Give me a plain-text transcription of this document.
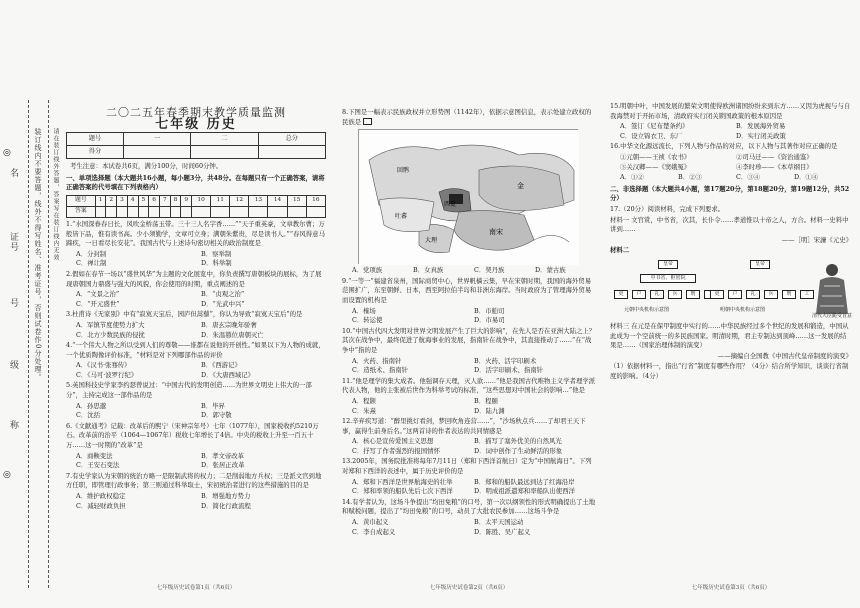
名
证号
号
级
称
装订线内不要答题，线外不得写姓名、准考证号，否则试卷作0分处理。 请在装订线外答题，答案写在装订线内无效
◎
◎
二〇二五年春季期末教学质量监测
七年级 历史
题号	一	二	总分
得分			
考生注意：本试卷共6页，满分100分，时间60分钟。
一、单项选择题（本大题共16小题，每小题3分，共48分。在每题只有一个正确答案，请将正确答案的代号填在下列表格内）
题号	1	2	3	4	5	6	7	8	9	10	11	12	13	14	15	16
答案																
1.“水国深眷春日长，风吹金桥荡玉带。三十三人名字香……”“天子重英豪，文章教尔曹；万般皆下品，惟有读书高。少小须勤学，文章可立身；满朝朱紫贵，尽是读书人。”“春风得意马蹄疾，一日看尽长安花”。我国古代与上述诗句密切相关的政治制度是
A．分封制	B．察举制
C．禅让制	D．科举制
2.假如在春节一场以“盛世风华”为主题的文化展览中，你负责撰写唐朝板块的展标，为了展现唐朝国力鼎盛与强大的风貌，你会使用的时期，重点阐述的是
A．“文景之治”	B．“贞观之治”
C．“开元盛世”	D．“光武中兴”
3.杜甫诗《无家别》中有“寂寞天宝后，园庐但蒿藜”，你认为导致“寂寞天宝后”的是
A．军镇节度使势力扩大	B．唐玄宗晚年骄奢
C．北方少数民族的侵扰	D．朱温篡位唐朝灭亡
4.“一个伟大人物之所以受到人们的尊敬——谁都在说他的开创性。”如果以下为人物的成就，一个优质陶像评价标准，“材料是对下列哪部作品的评价
A．《汉书·张骞传》	B．《西游记》
C．《马可·波罗行纪》	D．《大唐西域记》
5.英国科技史学家李约瑟曾说过：“中国古代的发明创造……为世界文明史上伟大的一部分”，主持完成这一部作品的是
A．孙思邈	B．毕昇
C．沈括	D．郭守敬
6.《文献通考》记载：改革后的熙宁（宋神宗年号）七年（1077年），国家税收约5210万石。改革前的治平（1064—1067年）税收七年增长了4倍。中央的税收上升至一百五十万……这一时期的“改革”是
A．商鞅变法	B．孝文帝改革
C．王安石变法	D．张居正改革
7.有史学家认为宋朝的统治方略一是限制武将的权力；二是削弱地方兵权；三是派文官到地方任职，即管理行政事务；第三则通过科举取士，宋初统治者进行的这些措施的目的是
A．维护政权稳定	B．增强地方势力
C．减轻财政负担	D．简化行政流程
七年级历史试卷第1页（共6页）
8.下图是一幅表示民族政权并立形势图（1142年），依据示意图信息，表示处建立政权的民族是
西夏
金
南宋
大理
吐蕃
回鹘
A．党项族	B．女真族	C．契丹族	D．蒙古族
9.“一等一”福建省泉州，国际商贸中心，世界帆樯云集，早在宋朝时期，我国的海外贸易范围扩广，东至朝鲜、日本，西至阿拉伯半岛和非洲东海岸。当时政府为了管理海外贸易而设置的机构是
A．榷场	B．市舶司
C．转运使	D．市易司
10.“中国古代四大发明对世界文明发展产生了巨大的影响”，在先人是否在亚洲大陆之上？其次在战争中，最终促进了航海事业的发展，指南针在战争中，其直接推动了……”在“战争中”指的是
A．火药、指南针	B．火药、活字印刷术
C．造纸术、指南针	D．活字印刷术、指南针
11.“他是理学的集大成者。他强调存天理，灭人欲……”他是我国古代唯物主义学者理学派代表人物，他的主张被后世作为科举考试的标准，“这些思想对中国社会的影响…”他是
A．程颢	B．程颐
C．朱熹	D．陆九渊
12.辛弃疾写道：“醉里挑灯看剑，梦回吹角连营……”，“沙场秋点兵……了却君王天下事，赢得生前身后名。”这两首诗的作者表达的共同情感是
A．核心是宣传爱国主义思想	B．描写了塞外优美的自然风光
C．抒写了作者强烈的报国情怀	D．词中创作了生动鲜活的形象
13.2005年，国务院批准将每年7月11日（郑和下西洋首航日）定为“中国航海日”。下列对郑和下西洋的表述中，属于历史评价的是
A．郑和下西洋是世界航海史的壮举	B．郑和的船队最远到达了红海沿岸
C．郑和率领的船队先后七次下西洋	D．明成祖派遣郑和率船队出使西洋
14.有学者认为，这场斗争提出“均田免粮”的口号，第一次以纲领性的形式明确提出了土地和赋税问题，提出了“均田免粮”的口号，动员了大批农民参加……这场斗争是
A．黄巾起义	B．太平天国运动
C．李自成起义	D．陈胜、吴广起义
七年级历史试卷第2页（共6页）
15.明朝中叶，中国发展的繁荣文明使得欧洲诸国纷纷来到东方……又因为虎视与与自我海禁对于开拓市场，清政府实行闭关锁国政策的根本原因是
A．签订《尼布楚条约》	B．发展海外贸易
C．设立锦衣卫、东厂	D．实行闭关政策
16.中华文化源远流长，下列人物与作品的对应，以下人物与其著作对应正确的是
①元朝——王祯《农书》	②司马迁——《资治通鉴》
③关汉卿——《窦娥冤》	④李时珍——《本草纲目》
A．①②	B．②③	C．③④	D．①④
二、非选择题（本大题共4小题，第17题20分，第18题20分，第19题12分，共52分）
17.（20分）阅读材料，完成下列要求。
材料一 文官赏，中书省，次其，长仆令……孝道惟以十帝之人，方合。材料一史料中讲到……
——［明］宋濂《元史》
材料二
皇帝
中书省、枢密院
吏	户	礼	兵	刑
元朝中央机构示意图
皇帝
吏	户	礼	兵	刑	工
明朝中央机构示意图
清代大臣跪受旨意
材料三 在元是在保甲制度中实行的……中华民族经过多个世纪的发展和锻造，中国从此成为一个空前统一的多民族国家。明清时期，君主专制达到顶峰……这一发展的结果是……（国家治理体制的演变）
——摘编自全国教《中国古代皇帝制度的演变》
（1）依据材料一，指出“行省”制度有哪些作用？（4分）结合所学知识，谈谈行省制度的影响。（4分）
七年级历史试卷第3页（共6页）
